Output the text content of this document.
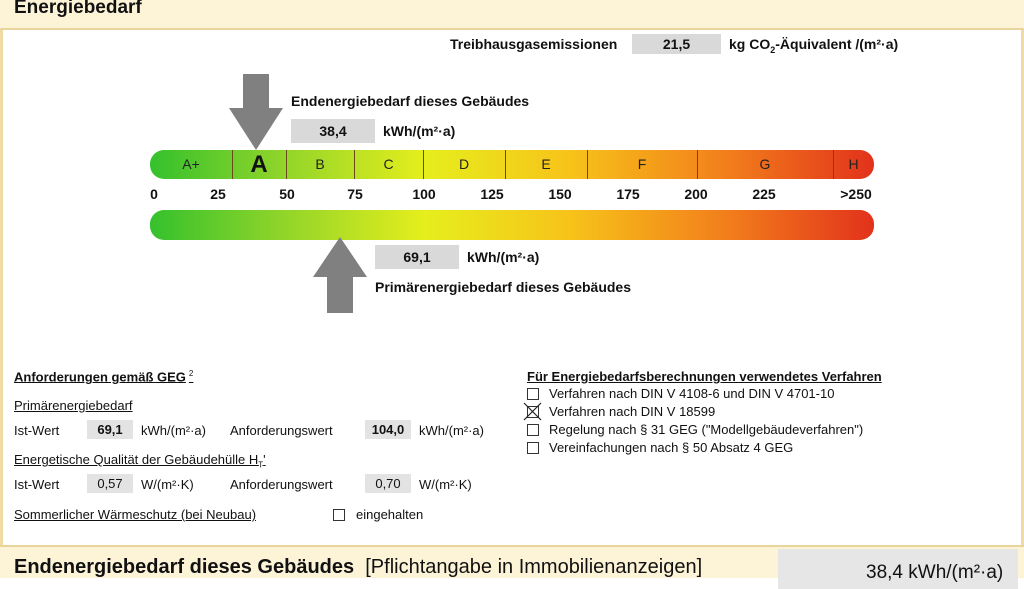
Energiebedarf
Treibhausgasemissionen	21,5	kg $CO_2$-Äquivalent /(m²·a)
Endenergiebedarf dieses Gebäudes
38,4	kWh/(m²·a)
A+	A	B	C	D	E	F	G	H
0	25	50	75	100	125	150	175	200	225	>250
69,1	kWh/(m²·a)
Primärenergiebedarf dieses Gebäudes
Anforderungen gemäß GEG $^2$
Primärenergiebedarf
Ist-Wert	69,1	kWh/(m²·a) Anforderungswert	104,0	kWh/(m²·a)
Energetische Qualität der Gebäudehülle $H_T'$
Ist-Wert	0,57	W/(m²·K)	Anforderungswert	0,70	W/(m²·K)
Sommerlicher Wärmeschutz (bei Neubau)	eingehalten
Für Energiebedarfsberechnungen verwendetes Verfahren
Verfahren nach DIN V 4108-6 und DIN V 4701-10
Verfahren nach DIN V 18599
Regelung nach § 31 GEG ("Modellgebäudeverfahren")
Vereinfachungen nach § 50 Absatz 4 GEG
Endenergiebedarf dieses Gebäudes [Pflichtangabe in Immobilienanzeigen]	38,4 kWh/(m²·a)
